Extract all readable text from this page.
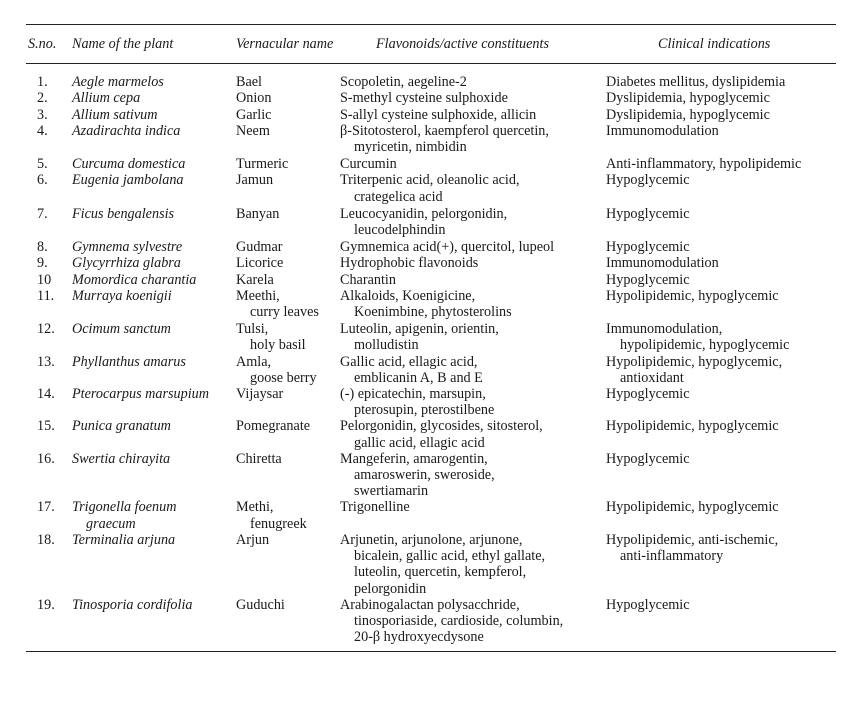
S.no.	Name of the plant	Vernacular name	Flavonoids/active constituents	Clinical indications
1.	Aegle marmelos	Bael	Scopoletin, aegeline-2	Diabetes mellitus, dyslipidemia

2.	Allium cepa	Onion	S-methyl cysteine sulphoxide	Dyslipidemia, hypoglycemic

3.	Allium sativum	Garlic	S-allyl cysteine sulphoxide, allicin	Dyslipidemia, hypoglycemic

4.	Azadirachta indica	Neem	β-Sitotosterol, kaempferol quercetin,
myricetin, nimbidin	Immunomodulation

5.	Curcuma domestica	Turmeric	Curcumin	Anti-inflammatory, hypolipidemic

6.	Eugenia jambolana	Jamun	Triterpenic acid, oleanolic acid,
crategelica acid	Hypoglycemic

7.	Ficus bengalensis	Banyan	Leucocyanidin, pelorgonidin,
leucodelphindin	Hypoglycemic

8.	Gymnema sylvestre	Gudmar	Gymnemica acid(+), quercitol, lupeol	Hypoglycemic

9.	Glycyrrhiza glabra	Licorice	Hydrophobic flavonoids	Immunomodulation

10	Momordica charantia	Karela	Charantin	Hypoglycemic

11.	Murraya koenigii	Meethi,
curry leaves	Alkaloids, Koenigicine,
Koenimbine, phytosterolins	Hypolipidemic, hypoglycemic

12.	Ocimum sanctum	Tulsi,
holy basil	Luteolin, apigenin, orientin,
molludistin	Immunomodulation,
hypolipidemic, hypoglycemic

13.	Phyllanthus amarus	Amla,
goose berry	Gallic acid, ellagic acid,
emblicanin A, B and E	Hypolipidemic, hypoglycemic,
antioxidant

14.	Pterocarpus marsupium	Vijaysar	(-) epicatechin, marsupin,
pterosupin, pterostilbene	Hypoglycemic

15.	Punica granatum	Pomegranate	Pelorgonidin, glycosides, sitosterol,
gallic acid, ellagic acid	Hypolipidemic, hypoglycemic

16.	Swertia chirayita	Chiretta	Mangeferin, amarogentin,
amaroswerin, sweroside,
swertiamarin	Hypoglycemic

17.	Trigonella foenum
graecum	Methi,
fenugreek	Trigonelline	Hypolipidemic, hypoglycemic

18.	Terminalia arjuna	Arjun	Arjunetin, arjunolone, arjunone,
bicalein, gallic acid, ethyl gallate,
luteolin, quercetin, kempferol,
pelorgonidin	Hypolipidemic, anti-ischemic,
anti-inflammatory

19.	Tinosporia cordifolia	Guduchi	Arabinogalactan polysacchride,
tinosporiaside, cardioside, columbin,
20-β hydroxyecdysone	Hypoglycemic
